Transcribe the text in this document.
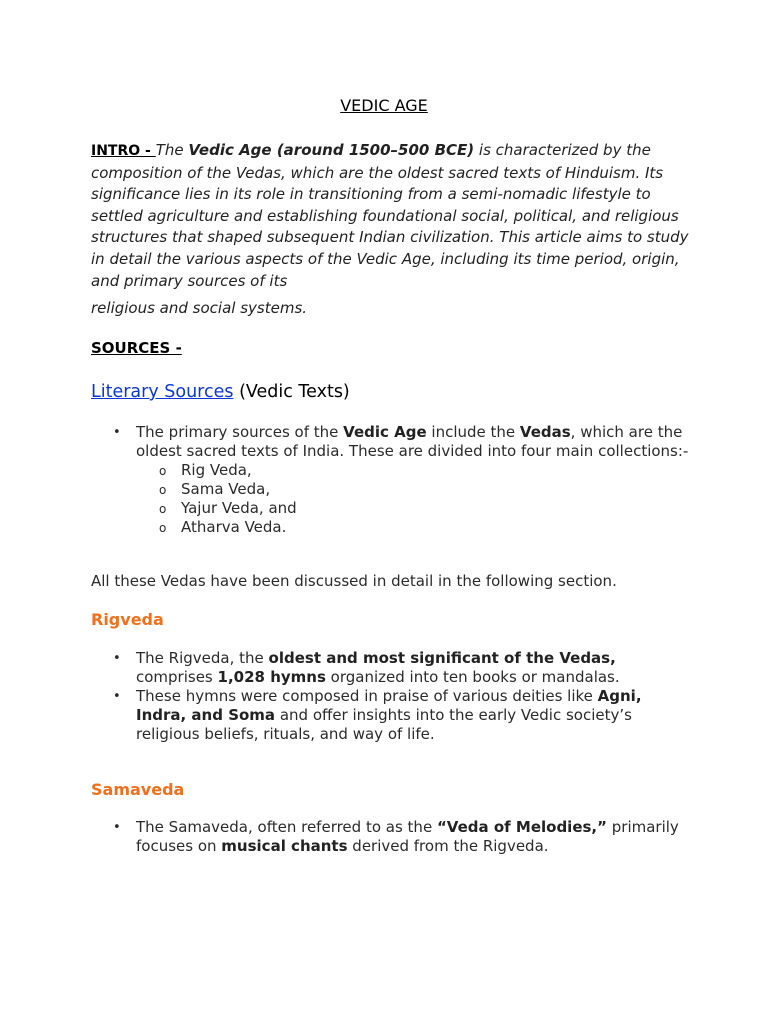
VEDIC AGE
INTRO - The Vedic Age (around 1500–500 BCE) is characterized by the composition of the Vedas, which are the oldest sacred texts of Hinduism. Its significance lies in its role in transitioning from a semi-nomadic lifestyle to settled agriculture and establishing foundational social, political, and religious structures that shaped subsequent Indian civilization. This article aims to study in detail the various aspects of the Vedic Age, including its time period, origin, and primary sources of its
religious and social systems.
SOURCES -
Literary Sources (Vedic Texts)
• The primary sources of the Vedic Age include the Vedas, which are the oldest sacred texts of India. These are divided into four main collections:-
o Rig Veda,
o Sama Veda,
o Yajur Veda, and
o Atharva Veda.
All these Vedas have been discussed in detail in the following section.
Rigveda
• The Rigveda, the oldest and most significant of the Vedas, comprises 1,028 hymns organized into ten books or mandalas.
• These hymns were composed in praise of various deities like Agni, Indra, and Soma and offer insights into the early Vedic society’s religious beliefs, rituals, and way of life.
Samaveda
• The Samaveda, often referred to as the “Veda of Melodies,” primarily focuses on musical chants derived from the Rigveda.
